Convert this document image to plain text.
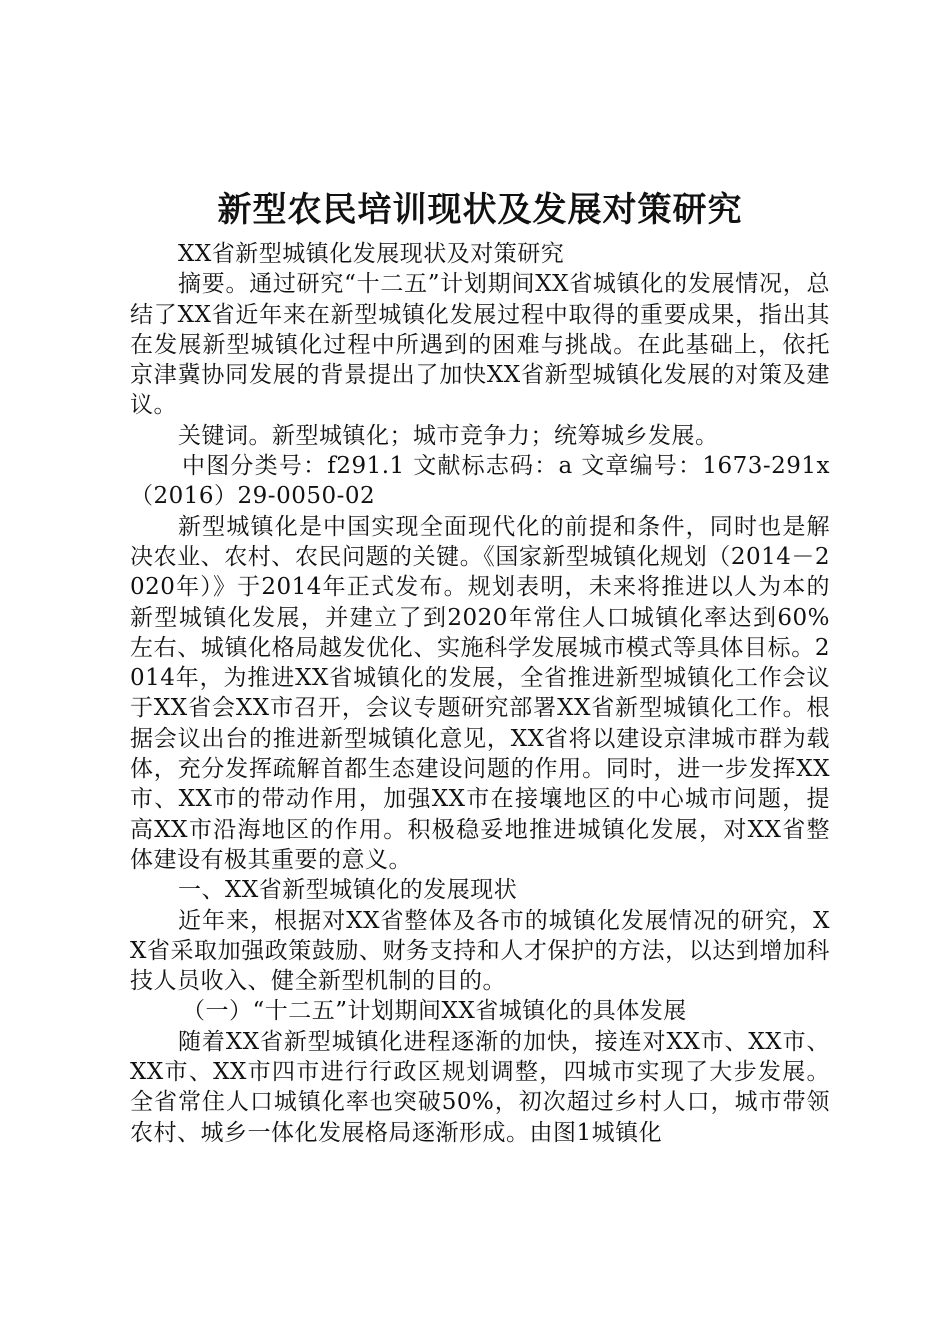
新型农民培训现状及发展对策研究

XX省新型城镇化发展现状及对策研究

摘要。通过研究“十二五”计划期间XX省城镇化的发展情况，总结了XX省近年来在新型城镇化发展过程中取得的重要成果，指出其在发展新型城镇化过程中所遇到的困难与挑战。在此基础上，依托京津冀协同发展的背景提出了加快XX省新型城镇化发展的对策及建议。

关键词。新型城镇化；城市竞争力；统筹城乡发展。

中图分类号：f291.1 文献标志码：a 文章编号：1673-291x（2016）29-0050-02

新型城镇化是中国实现全面现代化的前提和条件，同时也是解决农业、农村、农民问题的关键。《国家新型城镇化规划（2014－2020年）》于2014年正式发布。规划表明，未来将推进以人为本的新型城镇化发展，并建立了到2020年常住人口城镇化率达到60%左右、城镇化格局越发优化、实施科学发展城市模式等具体目标。2014年，为推进XX省城镇化的发展，全省推进新型城镇化工作会议于XX省会XX市召开，会议专题研究部署XX省新型城镇化工作。根据会议出台的推进新型城镇化意见，XX省将以建设京津城市群为载体，充分发挥疏解首都生态建设问题的作用。同时，进一步发挥XX市、XX市的带动作用，加强XX市在接壤地区的中心城市问题，提高XX市沿海地区的作用。积极稳妥地推进城镇化发展，对XX省整体建设有极其重要的意义。

一、XX省新型城镇化的发展现状

近年来，根据对XX省整体及各市的城镇化发展情况的研究，XX省采取加强政策鼓励、财务支持和人才保护的方法，以达到增加科技人员收入、健全新型机制的目的。

（一）“十二五”计划期间XX省城镇化的具体发展

随着XX省新型城镇化进程逐渐的加快，接连对XX市、XX市、XX市、XX市四市进行行政区规划调整，四城市实现了大步发展。全省常住人口城镇化率也突破50%，初次超过乡村人口，城市带领农村、城乡一体化发展格局逐渐形成。由图1城镇化
